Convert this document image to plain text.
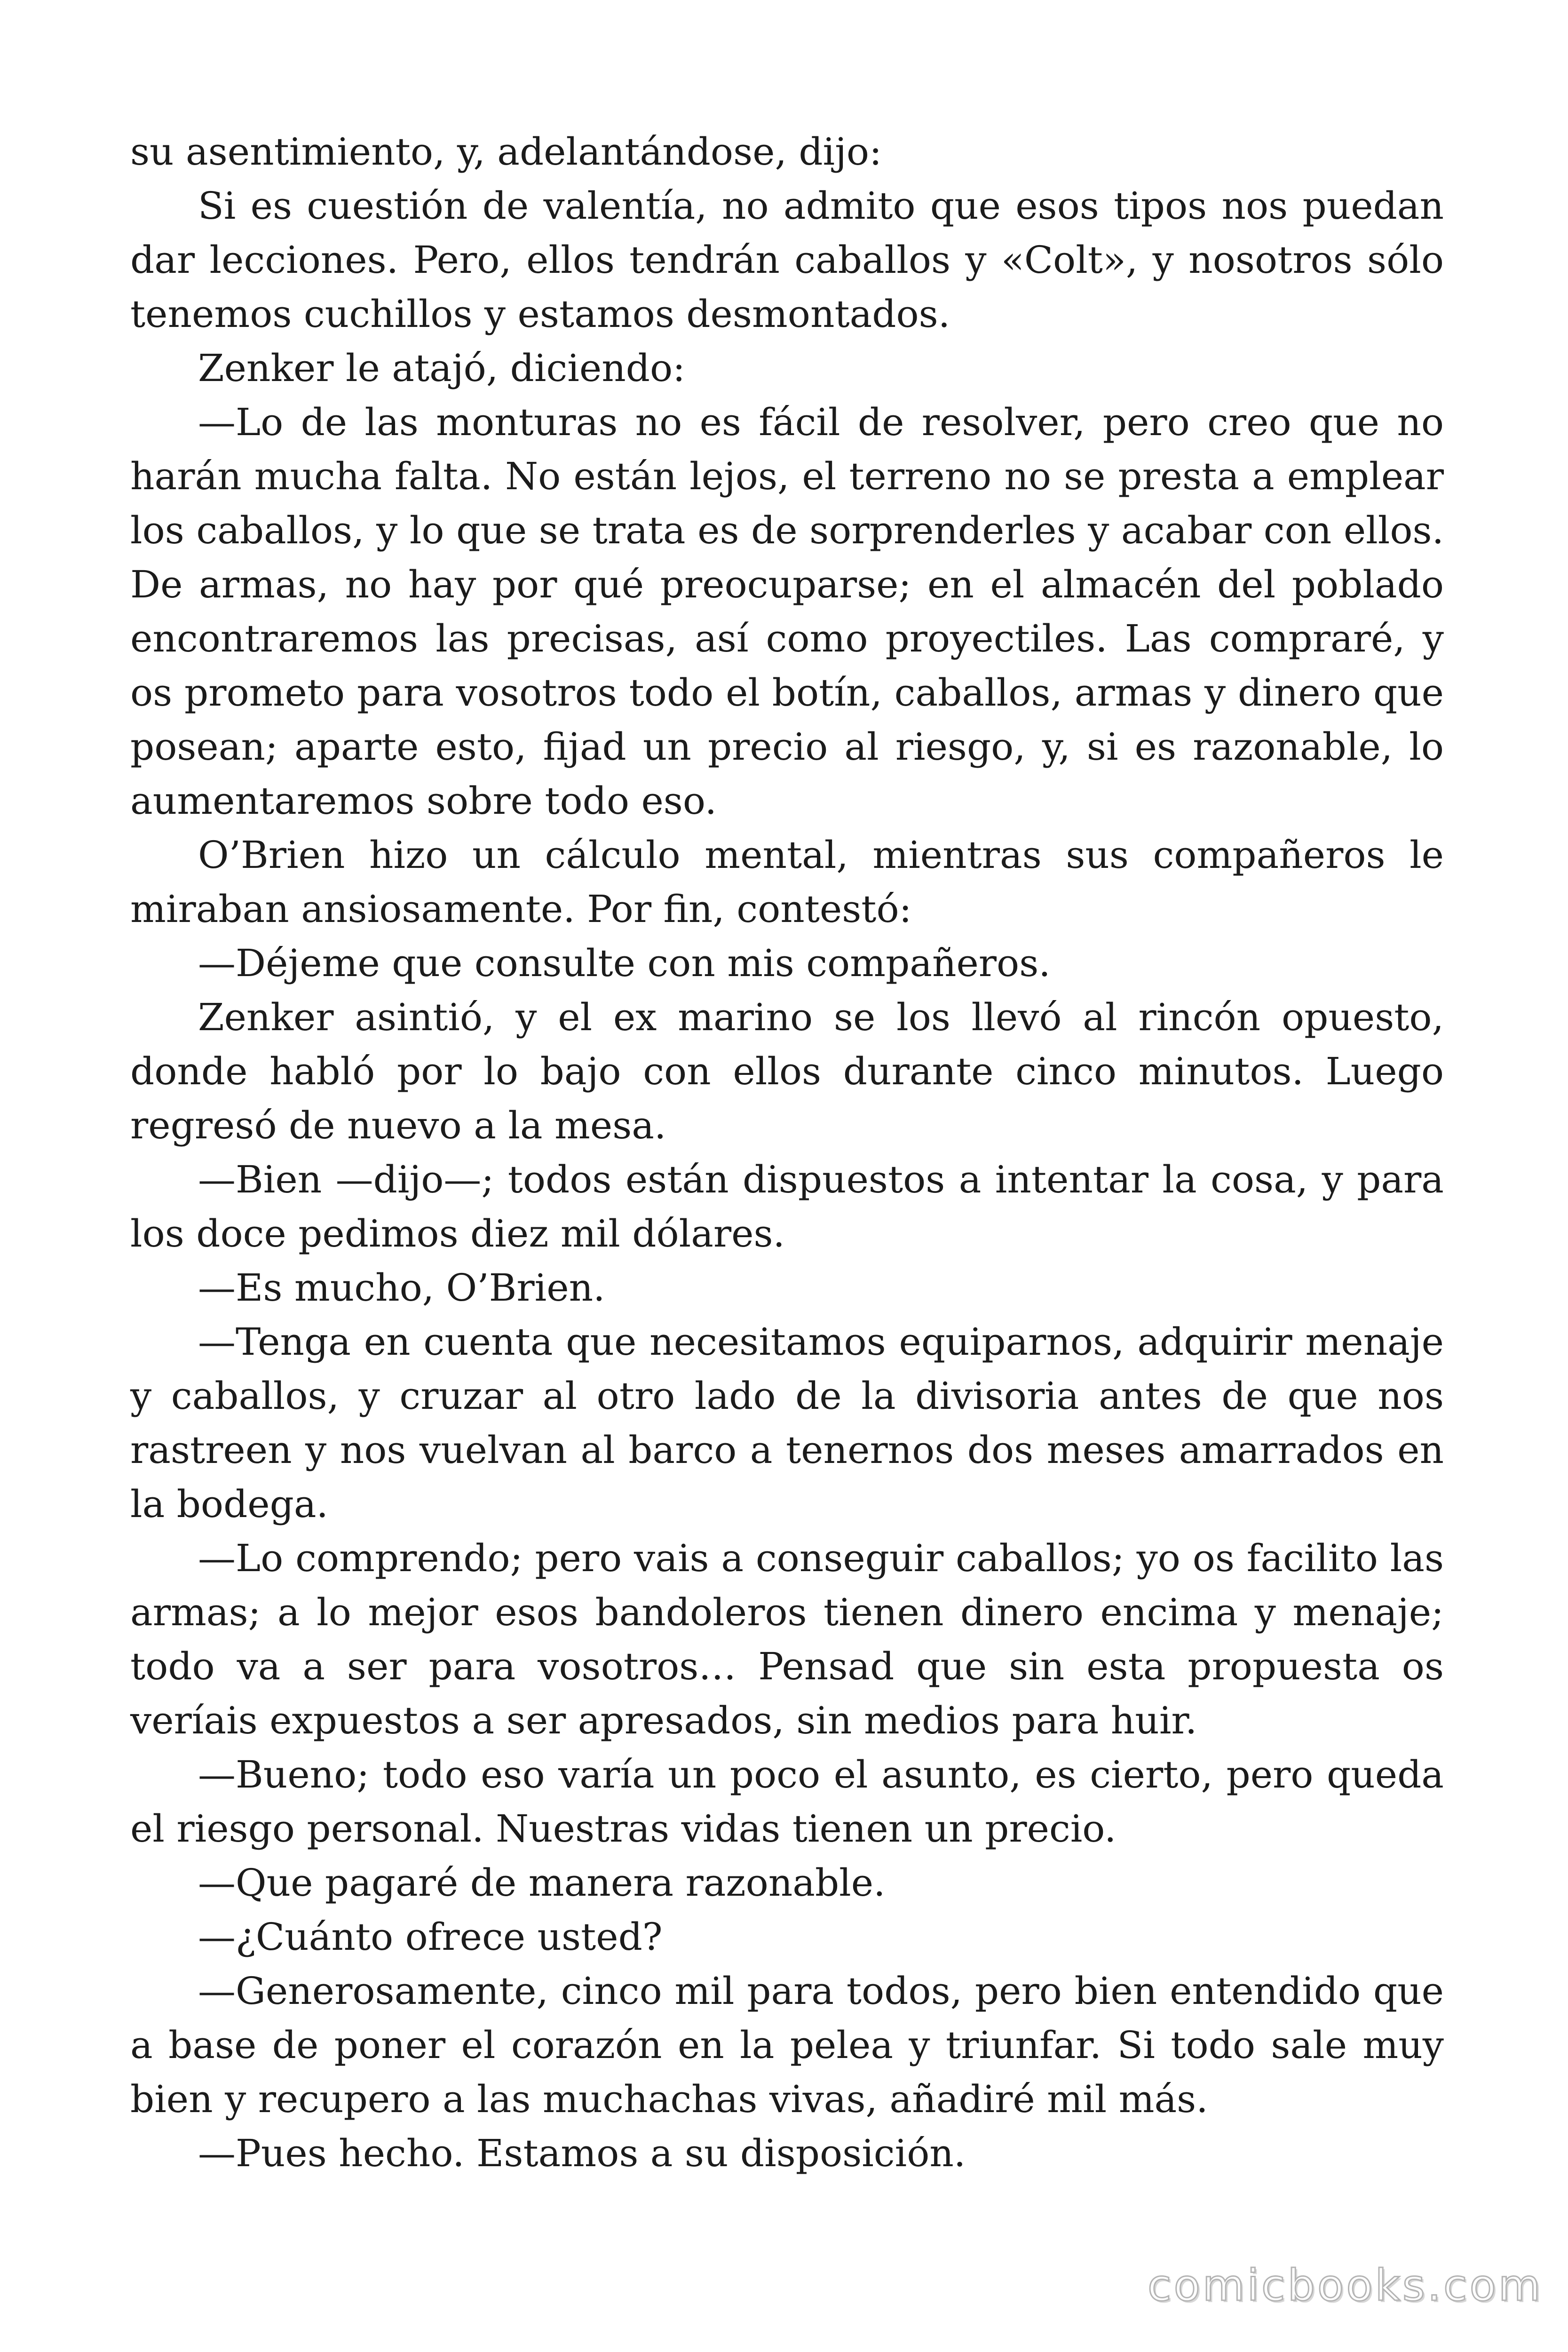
su asentimiento, y, adelantándose, dijo:

Si es cuestión de valentía, no admito que esos tipos nos puedan dar lecciones. Pero, ellos tendrán caballos y «Colt», y nosotros sólo tenemos cuchillos y estamos desmontados.

Zenker le atajó, diciendo:

—Lo de las monturas no es fácil de resolver, pero creo que no harán mucha falta. No están lejos, el terreno no se presta a emplear los caballos, y lo que se trata es de sorprenderles y acabar con ellos. De armas, no hay por qué preocuparse; en el almacén del poblado encontraremos las precisas, así como proyectiles. Las compraré, y os prometo para vosotros todo el botín, caballos, armas y dinero que posean; aparte esto, fijad un precio al riesgo, y, si es razonable, lo aumentaremos sobre todo eso.

O’Brien hizo un cálculo mental, mientras sus compañeros le miraban ansiosamente. Por fin, contestó:

—Déjeme que consulte con mis compañeros.

Zenker asintió, y el ex marino se los llevó al rincón opuesto, donde habló por lo bajo con ellos durante cinco minutos. Luego regresó de nuevo a la mesa.

—Bien —dijo—; todos están dispuestos a intentar la cosa, y para los doce pedimos diez mil dólares.

—Es mucho, O’Brien.

—Tenga en cuenta que necesitamos equiparnos, adquirir menaje y caballos, y cruzar al otro lado de la divisoria antes de que nos rastreen y nos vuelvan al barco a tenernos dos meses amarrados en la bodega.

—Lo comprendo; pero vais a conseguir caballos; yo os facilito las armas; a lo mejor esos bandoleros tienen dinero encima y menaje; todo va a ser para vosotros… Pensad que sin esta propuesta os veríais expuestos a ser apresados, sin medios para huir.

—Bueno; todo eso varía un poco el asunto, es cierto, pero queda el riesgo personal. Nuestras vidas tienen un precio.

—Que pagaré de manera razonable.

—¿Cuánto ofrece usted?

—Generosamente, cinco mil para todos, pero bien entendido que a base de poner el corazón en la pelea y triunfar. Si todo sale muy bien y recupero a las muchachas vivas, añadiré mil más.

—Pues hecho. Estamos a su disposición.

comicbooks.com
